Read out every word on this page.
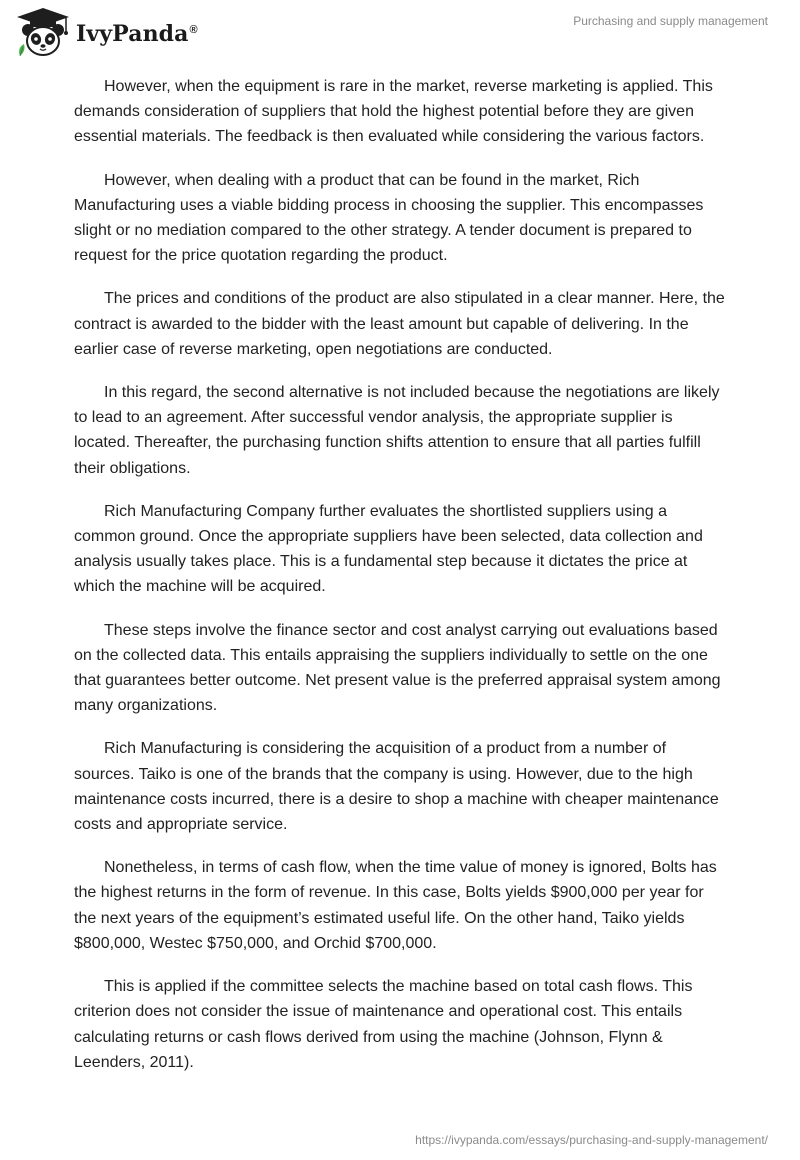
IvyPanda®
Purchasing and supply management

However, when the equipment is rare in the market, reverse marketing is applied. This demands consideration of suppliers that hold the highest potential before they are given essential materials. The feedback is then evaluated while considering the various factors.

However, when dealing with a product that can be found in the market, Rich Manufacturing uses a viable bidding process in choosing the supplier. This encompasses slight or no mediation compared to the other strategy. A tender document is prepared to request for the price quotation regarding the product.

The prices and conditions of the product are also stipulated in a clear manner. Here, the contract is awarded to the bidder with the least amount but capable of delivering. In the earlier case of reverse marketing, open negotiations are conducted.

In this regard, the second alternative is not included because the negotiations are likely to lead to an agreement. After successful vendor analysis, the appropriate supplier is located. Thereafter, the purchasing function shifts attention to ensure that all parties fulfill their obligations.

Rich Manufacturing Company further evaluates the shortlisted suppliers using a common ground. Once the appropriate suppliers have been selected, data collection and analysis usually takes place. This is a fundamental step because it dictates the price at which the machine will be acquired.

These steps involve the finance sector and cost analyst carrying out evaluations based on the collected data. This entails appraising the suppliers individually to settle on the one that guarantees better outcome. Net present value is the preferred appraisal system among many organizations.

Rich Manufacturing is considering the acquisition of a product from a number of sources. Taiko is one of the brands that the company is using. However, due to the high maintenance costs incurred, there is a desire to shop a machine with cheaper maintenance costs and appropriate service.

Nonetheless, in terms of cash flow, when the time value of money is ignored, Bolts has the highest returns in the form of revenue. In this case, Bolts yields $900,000 per year for the next years of the equipment’s estimated useful life. On the other hand, Taiko yields $800,000, Westec $750,000, and Orchid $700,000.

This is applied if the committee selects the machine based on total cash flows. This criterion does not consider the issue of maintenance and operational cost. This entails calculating returns or cash flows derived from using the machine (Johnson, Flynn & Leenders, 2011).

https://ivypanda.com/essays/purchasing-and-supply-management/
